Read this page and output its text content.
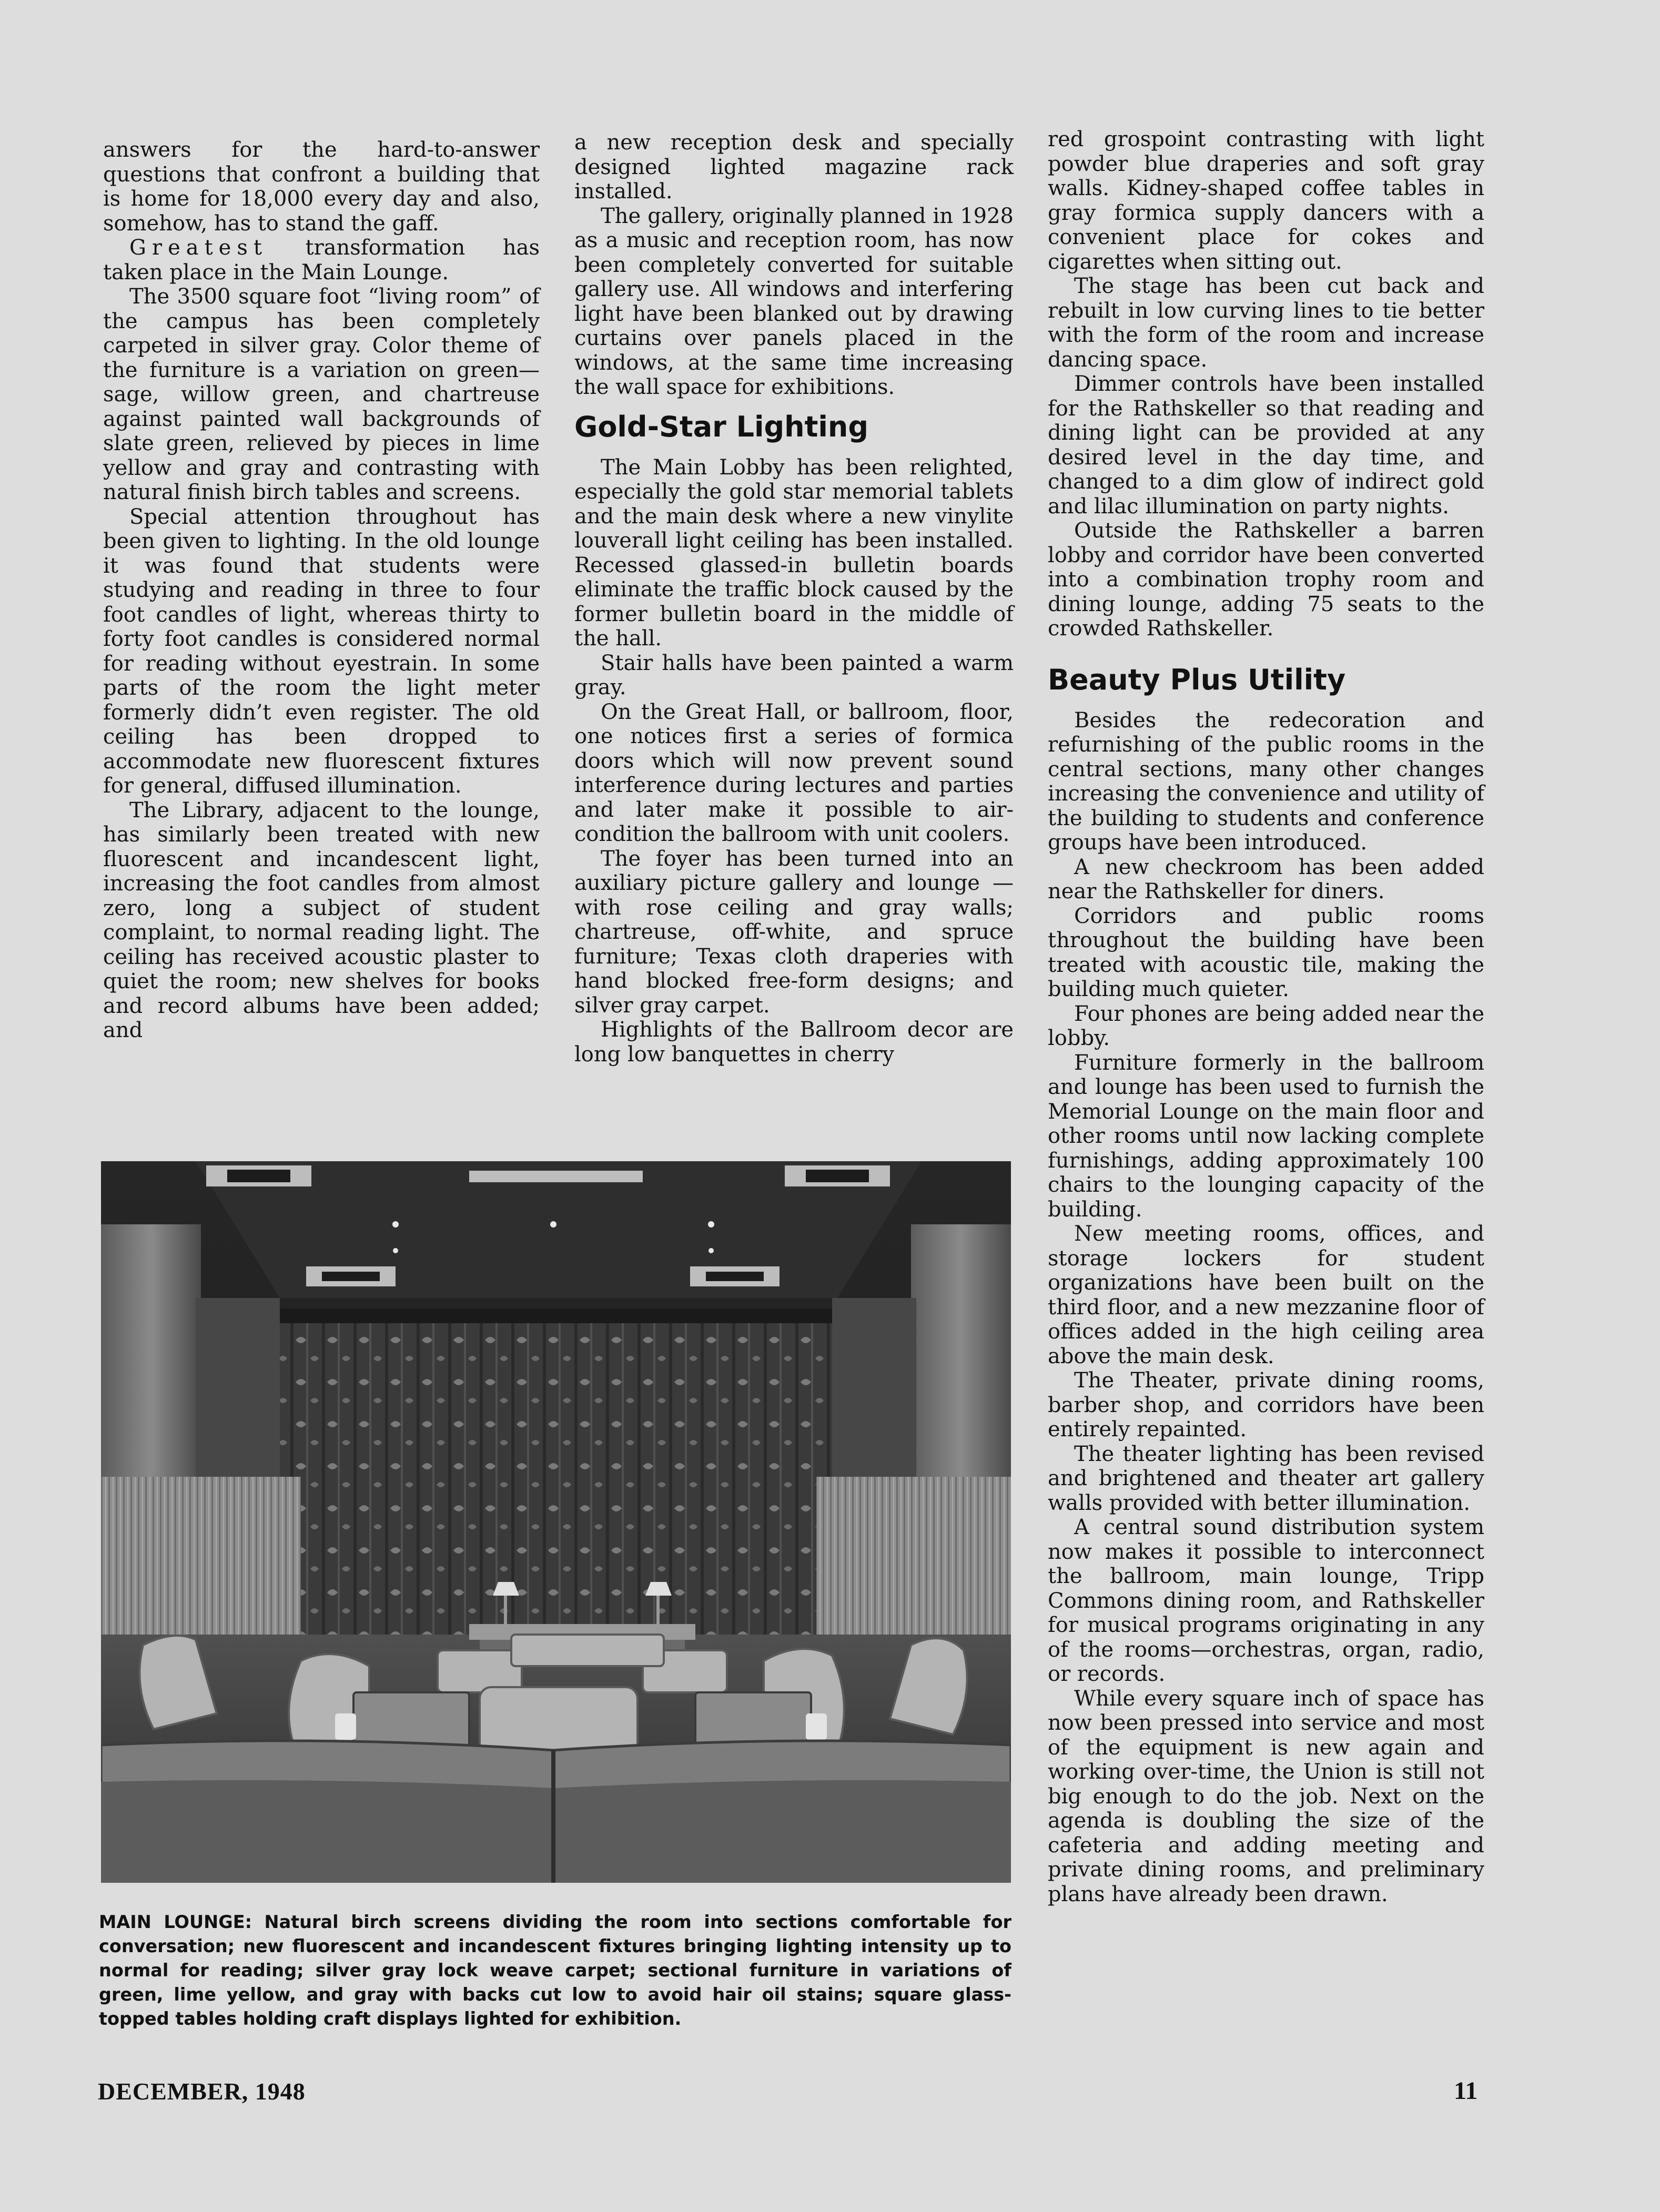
answers for the hard-to-answer questions that confront a building that is home for 18,000 every day and also, somehow, has to stand the gaff.

Greatest transformation has taken place in the Main Lounge.

The 3500 square foot “living room” of the campus has been completely carpeted in silver gray. Color theme of the furniture is a variation on green—sage, willow green, and chartreuse against painted wall backgrounds of slate green, relieved by pieces in lime yellow and gray and contrasting with natural finish birch tables and screens.

Special attention throughout has been given to lighting. In the old lounge it was found that students were studying and reading in three to four foot candles of light, whereas thirty to forty foot candles is considered normal for reading without eyestrain. In some parts of the room the light meter formerly didn’t even register. The old ceiling has been dropped to accommodate new fluorescent fixtures for general, diffused illumination.

The Library, adjacent to the lounge, has similarly been treated with new fluorescent and incandescent light, increasing the foot candles from almost zero, long a subject of student complaint, to normal reading light. The ceiling has received acoustic plaster to quiet the room; new shelves for books and record albums have been added; and

a new reception desk and specially designed lighted magazine rack installed.

The gallery, originally planned in 1928 as a music and reception room, has now been completely converted for suitable gallery use. All windows and interfering light have been blanked out by drawing curtains over panels placed in the windows, at the same time increasing the wall space for exhibitions.

Gold-Star Lighting

The Main Lobby has been relighted, especially the gold star memorial tablets and the main desk where a new vinylite louverall light ceiling has been installed. Recessed glassed-in bulletin boards eliminate the traffic block caused by the former bulletin board in the middle of the hall.

Stair halls have been painted a warm gray.

On the Great Hall, or ballroom, floor, one notices first a series of formica doors which will now prevent sound interference during lectures and parties and later make it possible to air-condition the ballroom with unit coolers.

The foyer has been turned into an auxiliary picture gallery and lounge —with rose ceiling and gray walls; chartreuse, off-white, and spruce furniture; Texas cloth draperies with hand blocked free-form designs; and silver gray carpet.

Highlights of the Ballroom decor are long low banquettes in cherry

red grospoint contrasting with light powder blue draperies and soft gray walls. Kidney-shaped coffee tables in gray formica supply dancers with a convenient place for cokes and cigarettes when sitting out.

The stage has been cut back and rebuilt in low curving lines to tie better with the form of the room and increase dancing space.

Dimmer controls have been installed for the Rathskeller so that reading and dining light can be provided at any desired level in the day time, and changed to a dim glow of indirect gold and lilac illumination on party nights.

Outside the Rathskeller a barren lobby and corridor have been converted into a combination trophy room and dining lounge, adding 75 seats to the crowded Rathskeller.

Beauty Plus Utility

Besides the redecoration and refurnishing of the public rooms in the central sections, many other changes increasing the convenience and utility of the building to students and conference groups have been introduced.

A new checkroom has been added near the Rathskeller for diners.

Corridors and public rooms throughout the building have been treated with acoustic tile, making the building much quieter.

Four phones are being added near the lobby.

Furniture formerly in the ballroom and lounge has been used to furnish the Memorial Lounge on the main floor and other rooms until now lacking complete furnishings, adding approximately 100 chairs to the lounging capacity of the building.

New meeting rooms, offices, and storage lockers for student organizations have been built on the third floor, and a new mezzanine floor of offices added in the high ceiling area above the main desk.

The Theater, private dining rooms, barber shop, and corridors have been entirely repainted.

The theater lighting has been revised and brightened and theater art gallery walls provided with better illumination.

A central sound distribution system now makes it possible to interconnect the ballroom, main lounge, Tripp Commons dining room, and Rathskeller for musical programs originating in any of the rooms—orchestras, organ, radio, or records.

While every square inch of space has now been pressed into service and most of the equipment is new again and working over-time, the Union is still not big enough to do the job. Next on the agenda is doubling the size of the cafeteria and adding meeting and private dining rooms, and preliminary plans have already been drawn.

MAIN LOUNGE: Natural birch screens dividing the room into sections comfortable for conversation; new fluorescent and incandescent fixtures bringing lighting intensity up to normal for reading; silver gray lock weave carpet; sectional furniture in variations of green, lime yellow, and gray with backs cut low to avoid hair oil stains; square glass-topped tables holding craft displays lighted for exhibition.
DECEMBER, 1948	11
